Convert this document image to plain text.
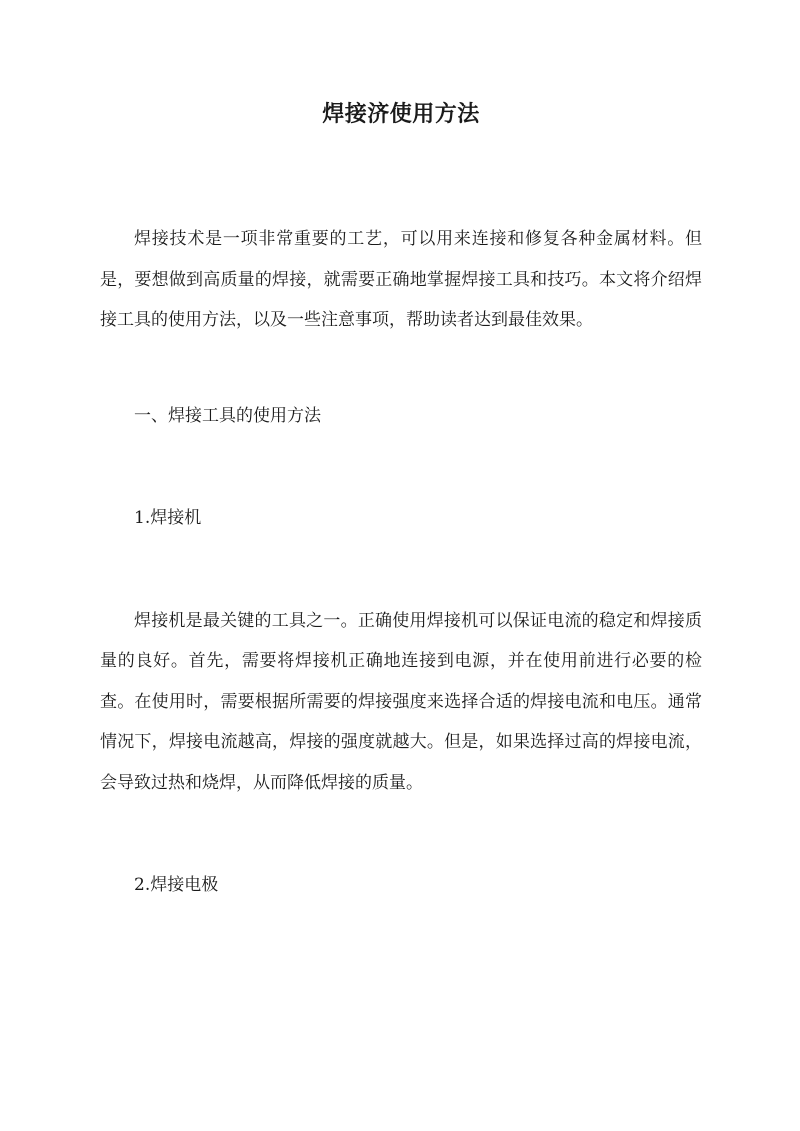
焊接济使用方法

焊接技术是一项非常重要的工艺，可以用来连接和修复各种金属材料。但是，要想做到高质量的焊接，就需要正确地掌握焊接工具和技巧。本文将介绍焊接工具的使用方法，以及一些注意事项，帮助读者达到最佳效果。

一、焊接工具的使用方法

1.焊接机

焊接机是最关键的工具之一。正确使用焊接机可以保证电流的稳定和焊接质量的良好。首先，需要将焊接机正确地连接到电源，并在使用前进行必要的检查。在使用时，需要根据所需要的焊接强度来选择合适的焊接电流和电压。通常情况下，焊接电流越高，焊接的强度就越大。但是，如果选择过高的焊接电流，会导致过热和烧焊，从而降低焊接的质量。

2.焊接电极
